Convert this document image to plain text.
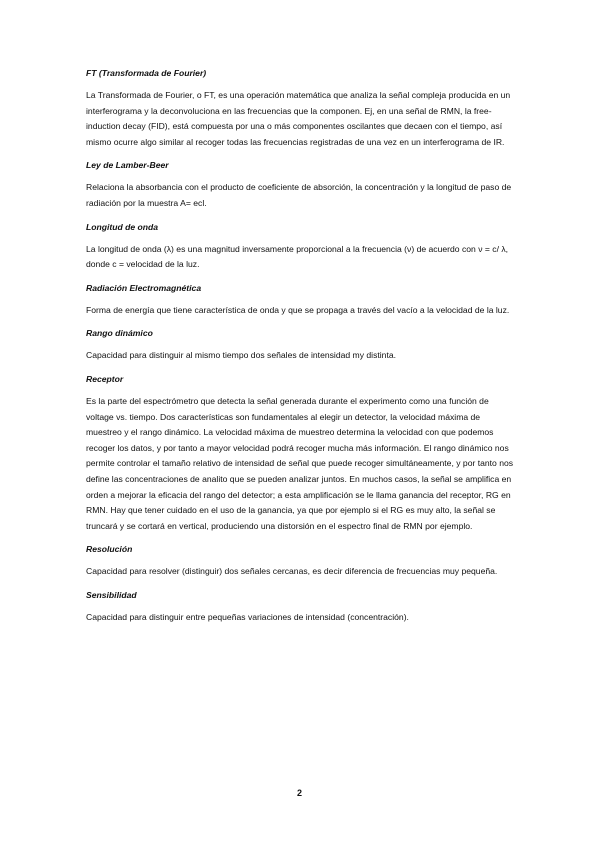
FT (Transformada de Fourier)

La Transformada de Fourier, o FT, es una operación matemática que analiza la señal compleja producida en un interferograma y la deconvoluciona en las frecuencias que la componen. Ej, en una señal de RMN, la free-induction decay (FID), está compuesta por una o más componentes oscilantes que decaen con el tiempo, así mismo ocurre algo similar al recoger todas las frecuencias registradas de una vez en un interferograma de IR.

Ley de Lamber-Beer

Relaciona la absorbancia con el producto de coeficiente de absorción, la concentración y la longitud de paso de radiación por la muestra A= ecl.

Longitud de onda

La longitud de onda (λ) es una magnitud inversamente proporcional a la frecuencia (ν) de acuerdo con ν = c/ λ, donde c = velocidad de la luz.

Radiación Electromagnética

Forma de energía que tiene característica de onda y que se propaga a través del vacío a la velocidad de la luz.

Rango dinámico

Capacidad para distinguir al mismo tiempo dos señales de intensidad my distinta.

Receptor

Es la parte del espectrómetro que detecta la señal generada durante el experimento como una función de voltage vs. tiempo. Dos características son fundamentales al elegir un detector, la velocidad máxima de muestreo y el rango dinámico. La velocidad máxima de muestreo determina la velocidad con que podemos recoger los datos, y por tanto a mayor velocidad podrá recoger mucha más información. El rango dinámico nos permite controlar el tamaño relativo de intensidad de señal que puede recoger simultáneamente, y por tanto nos define las concentraciones de analito que se pueden analizar juntos. En muchos casos, la señal se amplifica en orden a mejorar la eficacia del rango del detector; a esta amplificación se le llama ganancia del receptor, RG en RMN. Hay que tener cuidado en el uso de la ganancia, ya que por ejemplo si el RG es muy alto, la señal se truncará y se cortará en vertical, produciendo una distorsión en el espectro final de RMN por ejemplo.

Resolución

Capacidad para resolver (distinguir) dos señales cercanas, es decir diferencia de frecuencias muy pequeña.

Sensibilidad

Capacidad para distinguir entre pequeñas variaciones de intensidad (concentración).

2
